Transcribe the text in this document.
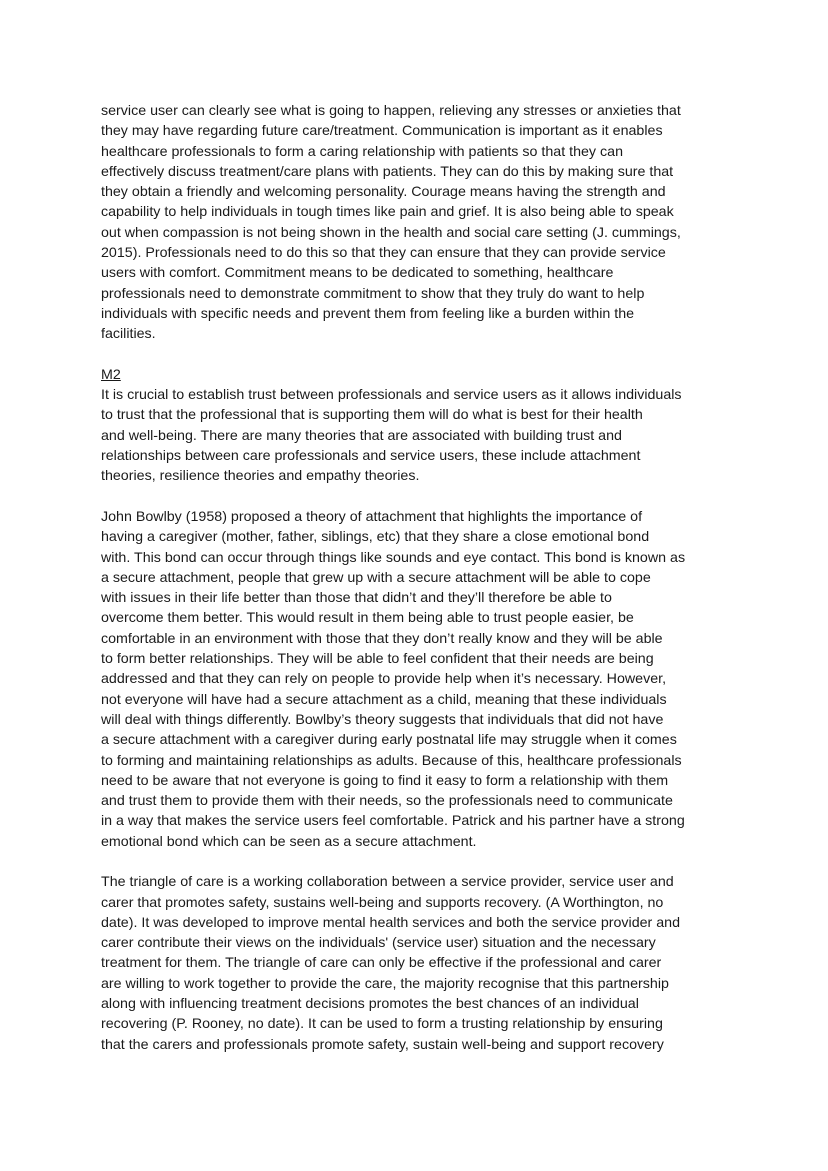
service user can clearly see what is going to happen, relieving any stresses or anxieties that
they may have regarding future care/treatment. Communication is important as it enables
healthcare professionals to form a caring relationship with patients so that they can
effectively discuss treatment/care plans with patients. They can do this by making sure that
they obtain a friendly and welcoming personality. Courage means having the strength and
capability to help individuals in tough times like pain and grief. It is also being able to speak
out when compassion is not being shown in the health and social care setting (J. cummings,
2015). Professionals need to do this so that they can ensure that they can provide service
users with comfort. Commitment means to be dedicated to something, healthcare
professionals need to demonstrate commitment to show that they truly do want to help
individuals with specific needs and prevent them from feeling like a burden within the
facilities.

M2

It is crucial to establish trust between professionals and service users as it allows individuals
to trust that the professional that is supporting them will do what is best for their health
and well-being. There are many theories that are associated with building trust and
relationships between care professionals and service users, these include attachment
theories, resilience theories and empathy theories.

John Bowlby (1958) proposed a theory of attachment that highlights the importance of
having a caregiver (mother, father, siblings, etc) that they share a close emotional bond
with. This bond can occur through things like sounds and eye contact. This bond is known as
a secure attachment, people that grew up with a secure attachment will be able to cope
with issues in their life better than those that didn’t and they’ll therefore be able to
overcome them better. This would result in them being able to trust people easier, be
comfortable in an environment with those that they don’t really know and they will be able
to form better relationships. They will be able to feel confident that their needs are being
addressed and that they can rely on people to provide help when it’s necessary. However,
not everyone will have had a secure attachment as a child, meaning that these individuals
will deal with things differently. Bowlby’s theory suggests that individuals that did not have
a secure attachment with a caregiver during early postnatal life may struggle when it comes
to forming and maintaining relationships as adults. Because of this, healthcare professionals
need to be aware that not everyone is going to find it easy to form a relationship with them
and trust them to provide them with their needs, so the professionals need to communicate
in a way that makes the service users feel comfortable. Patrick and his partner have a strong
emotional bond which can be seen as a secure attachment.

The triangle of care is a working collaboration between a service provider, service user and
carer that promotes safety, sustains well-being and supports recovery. (A Worthington, no
date). It was developed to improve mental health services and both the service provider and
carer contribute their views on the individuals' (service user) situation and the necessary
treatment for them. The triangle of care can only be effective if the professional and carer
are willing to work together to provide the care, the majority recognise that this partnership
along with influencing treatment decisions promotes the best chances of an individual
recovering (P. Rooney, no date). It can be used to form a trusting relationship by ensuring
that the carers and professionals promote safety, sustain well-being and support recovery
